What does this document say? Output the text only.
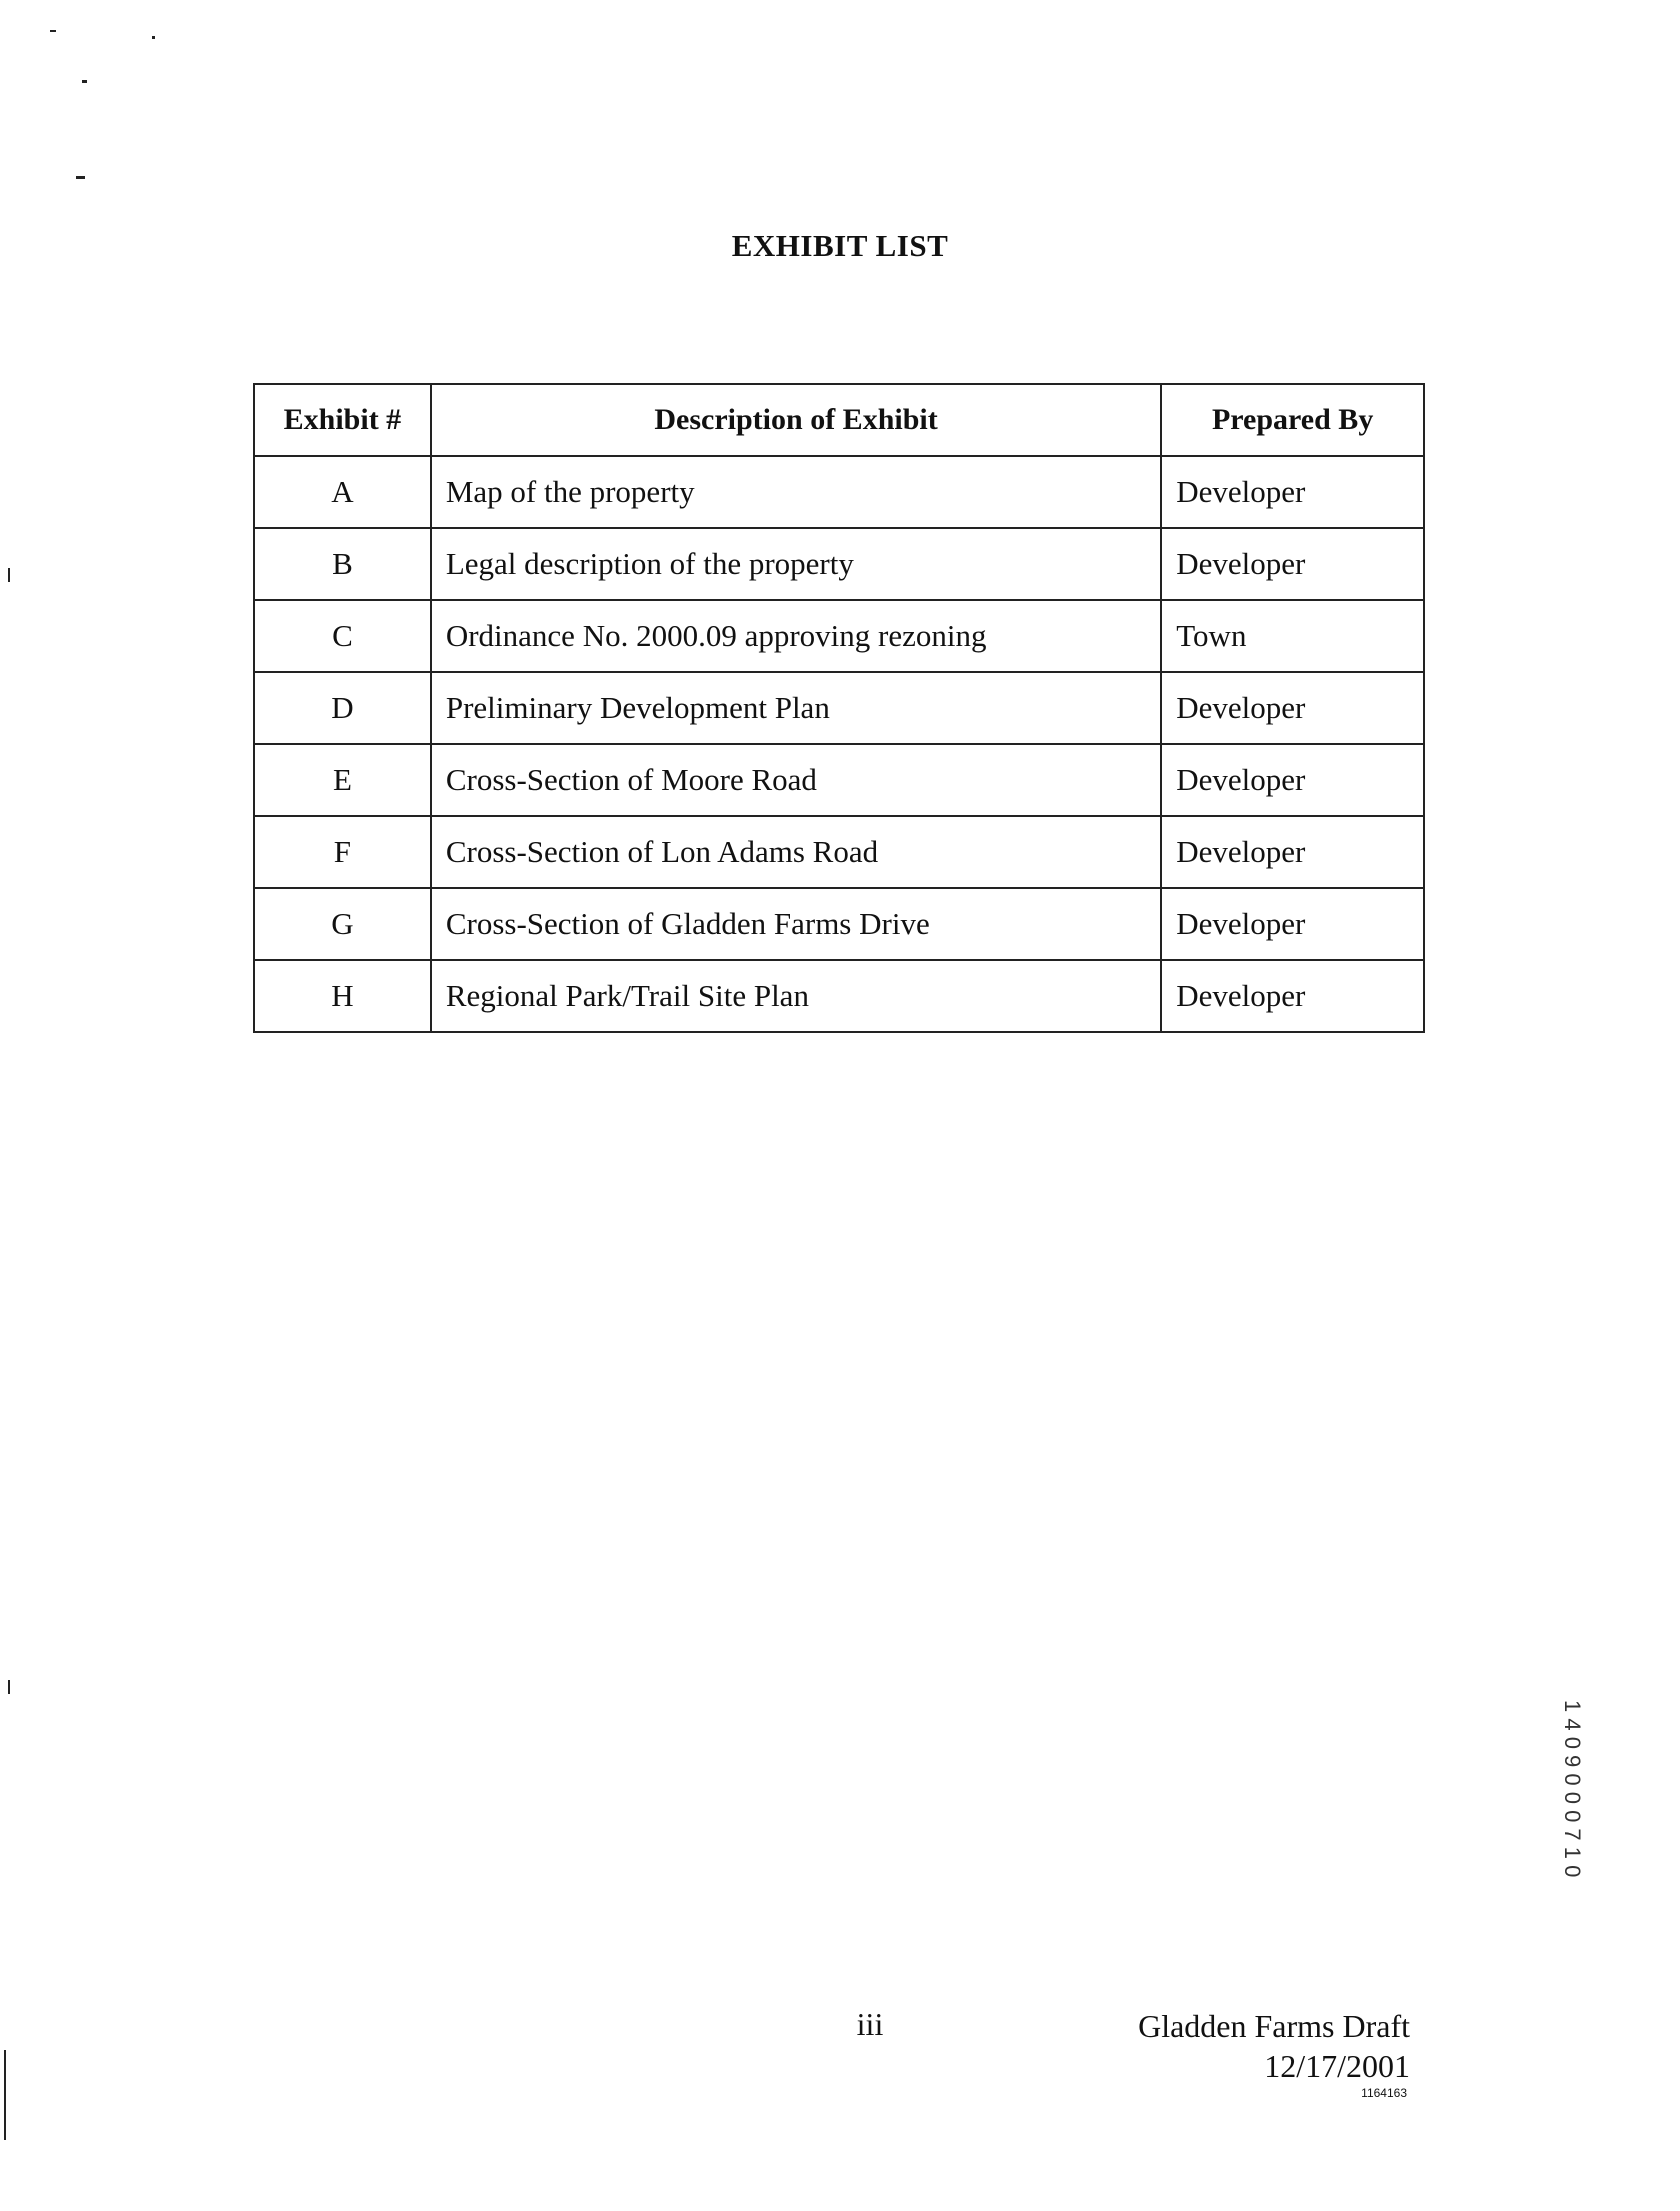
EXHIBIT LIST
Exhibit #	Description of Exhibit	Prepared By
A	Map of the property	Developer
B	Legal description of the property	Developer
C	Ordinance No. 2000.09 approving rezoning	Town
D	Preliminary Development Plan	Developer
E	Cross-Section of Moore Road	Developer
F	Cross-Section of Lon Adams Road	Developer
G	Cross-Section of Gladden Farms Drive	Developer
H	Regional Park/Trail Site Plan	Developer
1 4 0 9 0 0 0 7 1 0
iii	Gladden Farms Draft
12/17/2001
1164163
